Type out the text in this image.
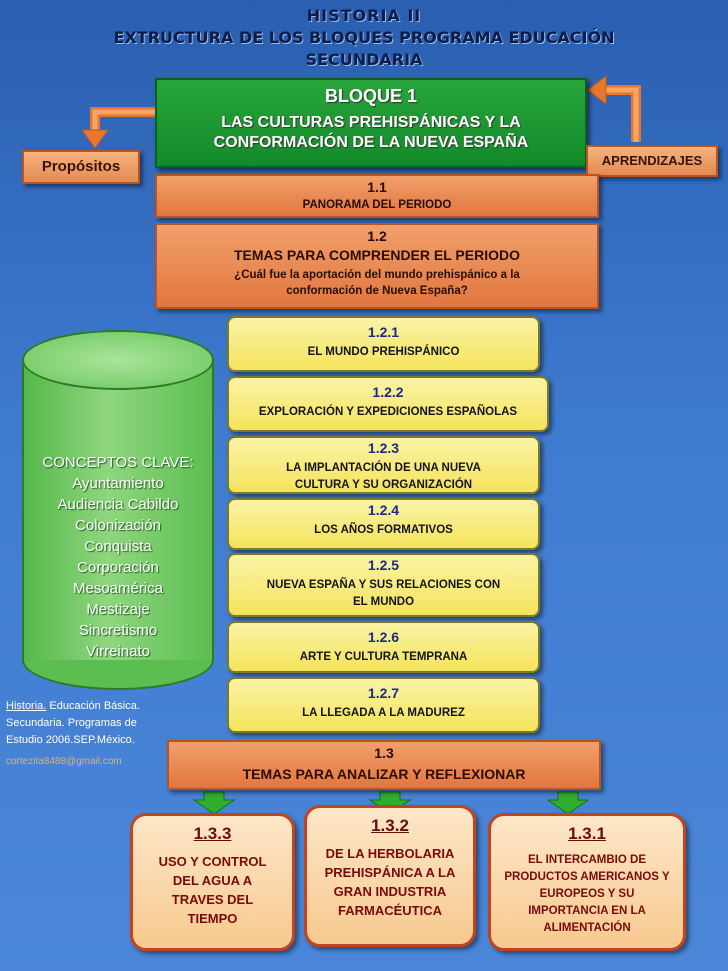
HISTORIA II
EXTRUCTURA DE LOS BLOQUES PROGRAMA EDUCACIÓN
SECUNDARIA
BLOQUE 1
LAS CULTURAS PREHISPÁNICAS Y LA
CONFORMACIÓN DE LA NUEVA ESPAÑA
Propósitos	APRENDIZAJES
1.1
PANORAMA DEL PERIODO
1.2
TEMAS PARA COMPRENDER EL PERIODO
¿Cuál fue la aportación del mundo prehispánico a la
conformación de Nueva España?
CONCEPTOS CLAVE:
Ayuntamiento
Audiencia Cabildo
Colonización
Conquista
Corporación
Mesoamérica
Mestizaje
Sincretismo
Virreinato
1.2.1
EL MUNDO PREHISPÁNICO
1.2.2
EXPLORACIÓN Y EXPEDICIONES ESPAÑOLAS
1.2.3
LA IMPLANTACIÓN DE UNA NUEVA
CULTURA Y SU ORGANIZACIÓN
1.2.4
LOS AÑOS FORMATIVOS
1.2.5
NUEVA ESPAÑA Y SUS RELACIONES CON
EL MUNDO
1.2.6
ARTE Y CULTURA TEMPRANA
1.2.7
LA LLEGADA A LA MADUREZ
Historia. Educación Básica. Secundaria. Programas de Estudio 2006.SEP.México.
cortezita8488@gmail.com
1.3
TEMAS PARA ANALIZAR Y REFLEXIONAR
1.3.3
USO Y CONTROL
DEL AGUA A
TRAVES DEL
TIEMPO
1.3.2
DE LA HERBOLARIA
PREHISPÁNICA A LA
GRAN INDUSTRIA
FARMACÉUTICA
1.3.1
EL INTERCAMBIO DE
PRODUCTOS AMERICANOS Y
EUROPEOS Y SU
IMPORTANCIA EN LA
ALIMENTACIÓN
